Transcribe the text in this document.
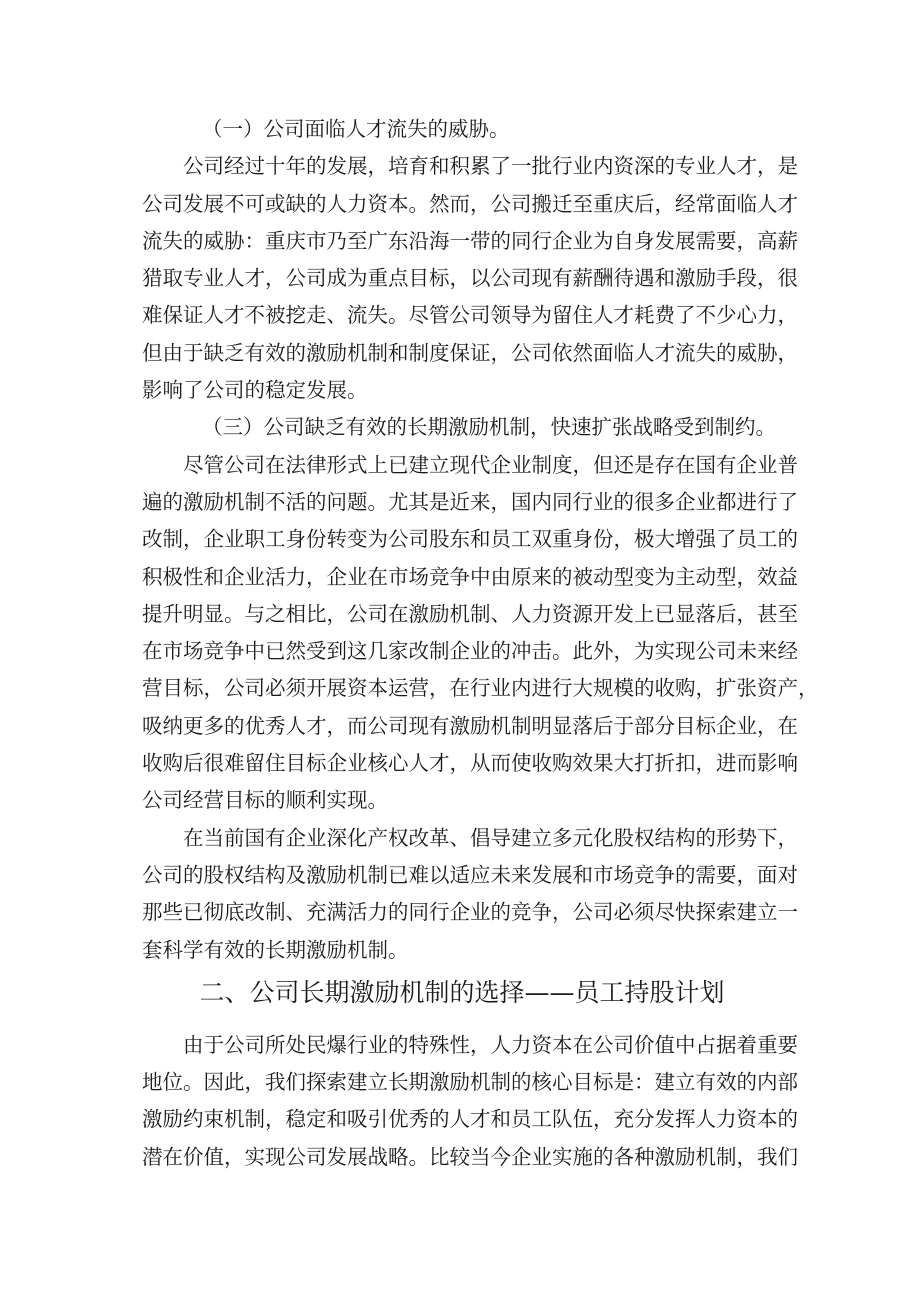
（一）公司面临人才流失的威胁。
公司经过十年的发展，培育和积累了一批行业内资深的专业人才，是
公司发展不可或缺的人力资本。然而，公司搬迁至重庆后，经常面临人才
流失的威胁：重庆市乃至广东沿海一带的同行企业为自身发展需要，高薪
猎取专业人才，公司成为重点目标，以公司现有薪酬待遇和激励手段，很
难保证人才不被挖走、流失。尽管公司领导为留住人才耗费了不少心力，
但由于缺乏有效的激励机制和制度保证，公司依然面临人才流失的威胁，
影响了公司的稳定发展。
（三）公司缺乏有效的长期激励机制，快速扩张战略受到制约。
尽管公司在法律形式上已建立现代企业制度，但还是存在国有企业普
遍的激励机制不活的问题。尤其是近来，国内同行业的很多企业都进行了
改制，企业职工身份转变为公司股东和员工双重身份，极大增强了员工的
积极性和企业活力，企业在市场竞争中由原来的被动型变为主动型，效益
提升明显。与之相比，公司在激励机制、人力资源开发上已显落后，甚至
在市场竞争中已然受到这几家改制企业的冲击。此外，为实现公司未来经
营目标，公司必须开展资本运营，在行业内进行大规模的收购，扩张资产，
吸纳更多的优秀人才，而公司现有激励机制明显落后于部分目标企业，在
收购后很难留住目标企业核心人才，从而使收购效果大打折扣，进而影响
公司经营目标的顺利实现。
在当前国有企业深化产权改革、倡导建立多元化股权结构的形势下，
公司的股权结构及激励机制已难以适应未来发展和市场竞争的需要，面对
那些已彻底改制、充满活力的同行企业的竞争，公司必须尽快探索建立一
套科学有效的长期激励机制。
二、公司长期激励机制的选择——员工持股计划
由于公司所处民爆行业的特殊性，人力资本在公司价值中占据着重要
地位。因此，我们探索建立长期激励机制的核心目标是：建立有效的内部
激励约束机制，稳定和吸引优秀的人才和员工队伍，充分发挥人力资本的
潜在价值，实现公司发展战略。比较当今企业实施的各种激励机制，我们
